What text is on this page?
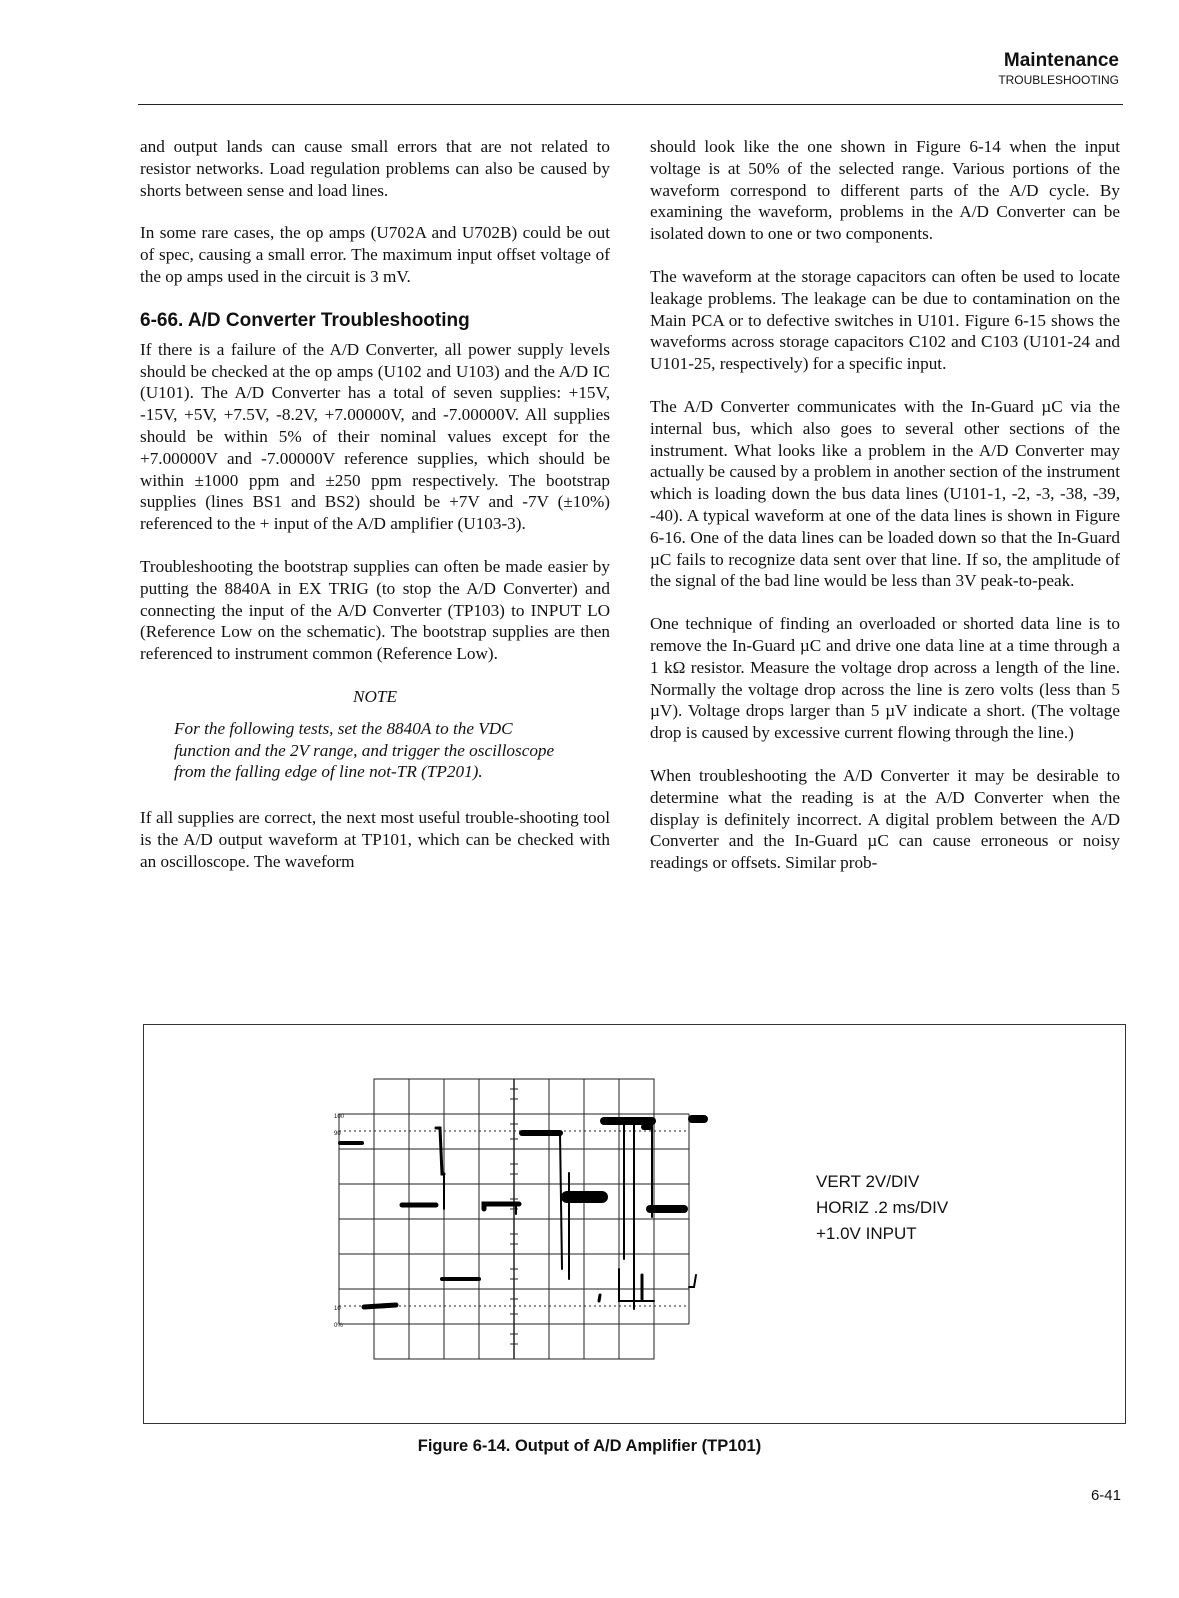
Maintenance
TROUBLESHOOTING

and output lands can cause small errors that are not related to resistor networks. Load regulation problems can also be caused by shorts between sense and load lines.

In some rare cases, the op amps (U702A and U702B) could be out of spec, causing a small error. The maximum input offset voltage of the op amps used in the circuit is 3 mV.

6-66. A/D Converter Troubleshooting

If there is a failure of the A/D Converter, all power supply levels should be checked at the op amps (U102 and U103) and the A/D IC (U101). The A/D Converter has a total of seven supplies: +15V, -15V, +5V, +7.5V, -8.2V, +7.00000V, and -7.00000V. All supplies should be within 5% of their nominal values except for the +7.00000V and -7.00000V reference supplies, which should be within ±1000 ppm and ±250 ppm respectively. The bootstrap supplies (lines BS1 and BS2) should be +7V and -7V (±10%) referenced to the + input of the A/D amplifier (U103-3).

Troubleshooting the bootstrap supplies can often be made easier by putting the 8840A in EX TRIG (to stop the A/D Converter) and connecting the input of the A/D Converter (TP103) to INPUT LO (Reference Low on the schematic). The bootstrap supplies are then referenced to instrument common (Reference Low).

NOTE

For the following tests, set the 8840A to the VDC function and the 2V range, and trigger the oscilloscope from the falling edge of line not-TR (TP201).

If all supplies are correct, the next most useful trouble-shooting tool is the A/D output waveform at TP101, which can be checked with an oscilloscope. The waveform

should look like the one shown in Figure 6-14 when the input voltage is at 50% of the selected range. Various portions of the waveform correspond to different parts of the A/D cycle. By examining the waveform, problems in the A/D Converter can be isolated down to one or two components.

The waveform at the storage capacitors can often be used to locate leakage problems. The leakage can be due to contamination on the Main PCA or to defective switches in U101. Figure 6-15 shows the waveforms across storage capacitors C102 and C103 (U101-24 and U101-25, respectively) for a specific input.

The A/D Converter communicates with the In-Guard µC via the internal bus, which also goes to several other sections of the instrument. What looks like a problem in the A/D Converter may actually be caused by a problem in another section of the instrument which is loading down the bus data lines (U101-1, -2, -3, -38, -39, -40). A typical waveform at one of the data lines is shown in Figure 6-16. One of the data lines can be loaded down so that the In-Guard µC fails to recognize data sent over that line. If so, the amplitude of the signal of the bad line would be less than 3V peak-to-peak.

One technique of finding an overloaded or shorted data line is to remove the In-Guard µC and drive one data line at a time through a 1 kΩ resistor. Measure the voltage drop across a length of the line. Normally the voltage drop across the line is zero volts (less than 5 µV). Voltage drops larger than 5 µV indicate a short. (The voltage drop is caused by excessive current flowing through the line.)

When troubleshooting the A/D Converter it may be desirable to determine what the reading is at the A/D Converter when the display is definitely incorrect. A digital problem between the A/D Converter and the In-Guard µC can cause erroneous or noisy readings or offsets. Similar prob-

100
90
10
0%
VERT 2V/DIV
HORIZ .2 ms/DIV
+1.0V INPUT
Figure 6-14. Output of A/D Amplifier (TP101)
6-41
